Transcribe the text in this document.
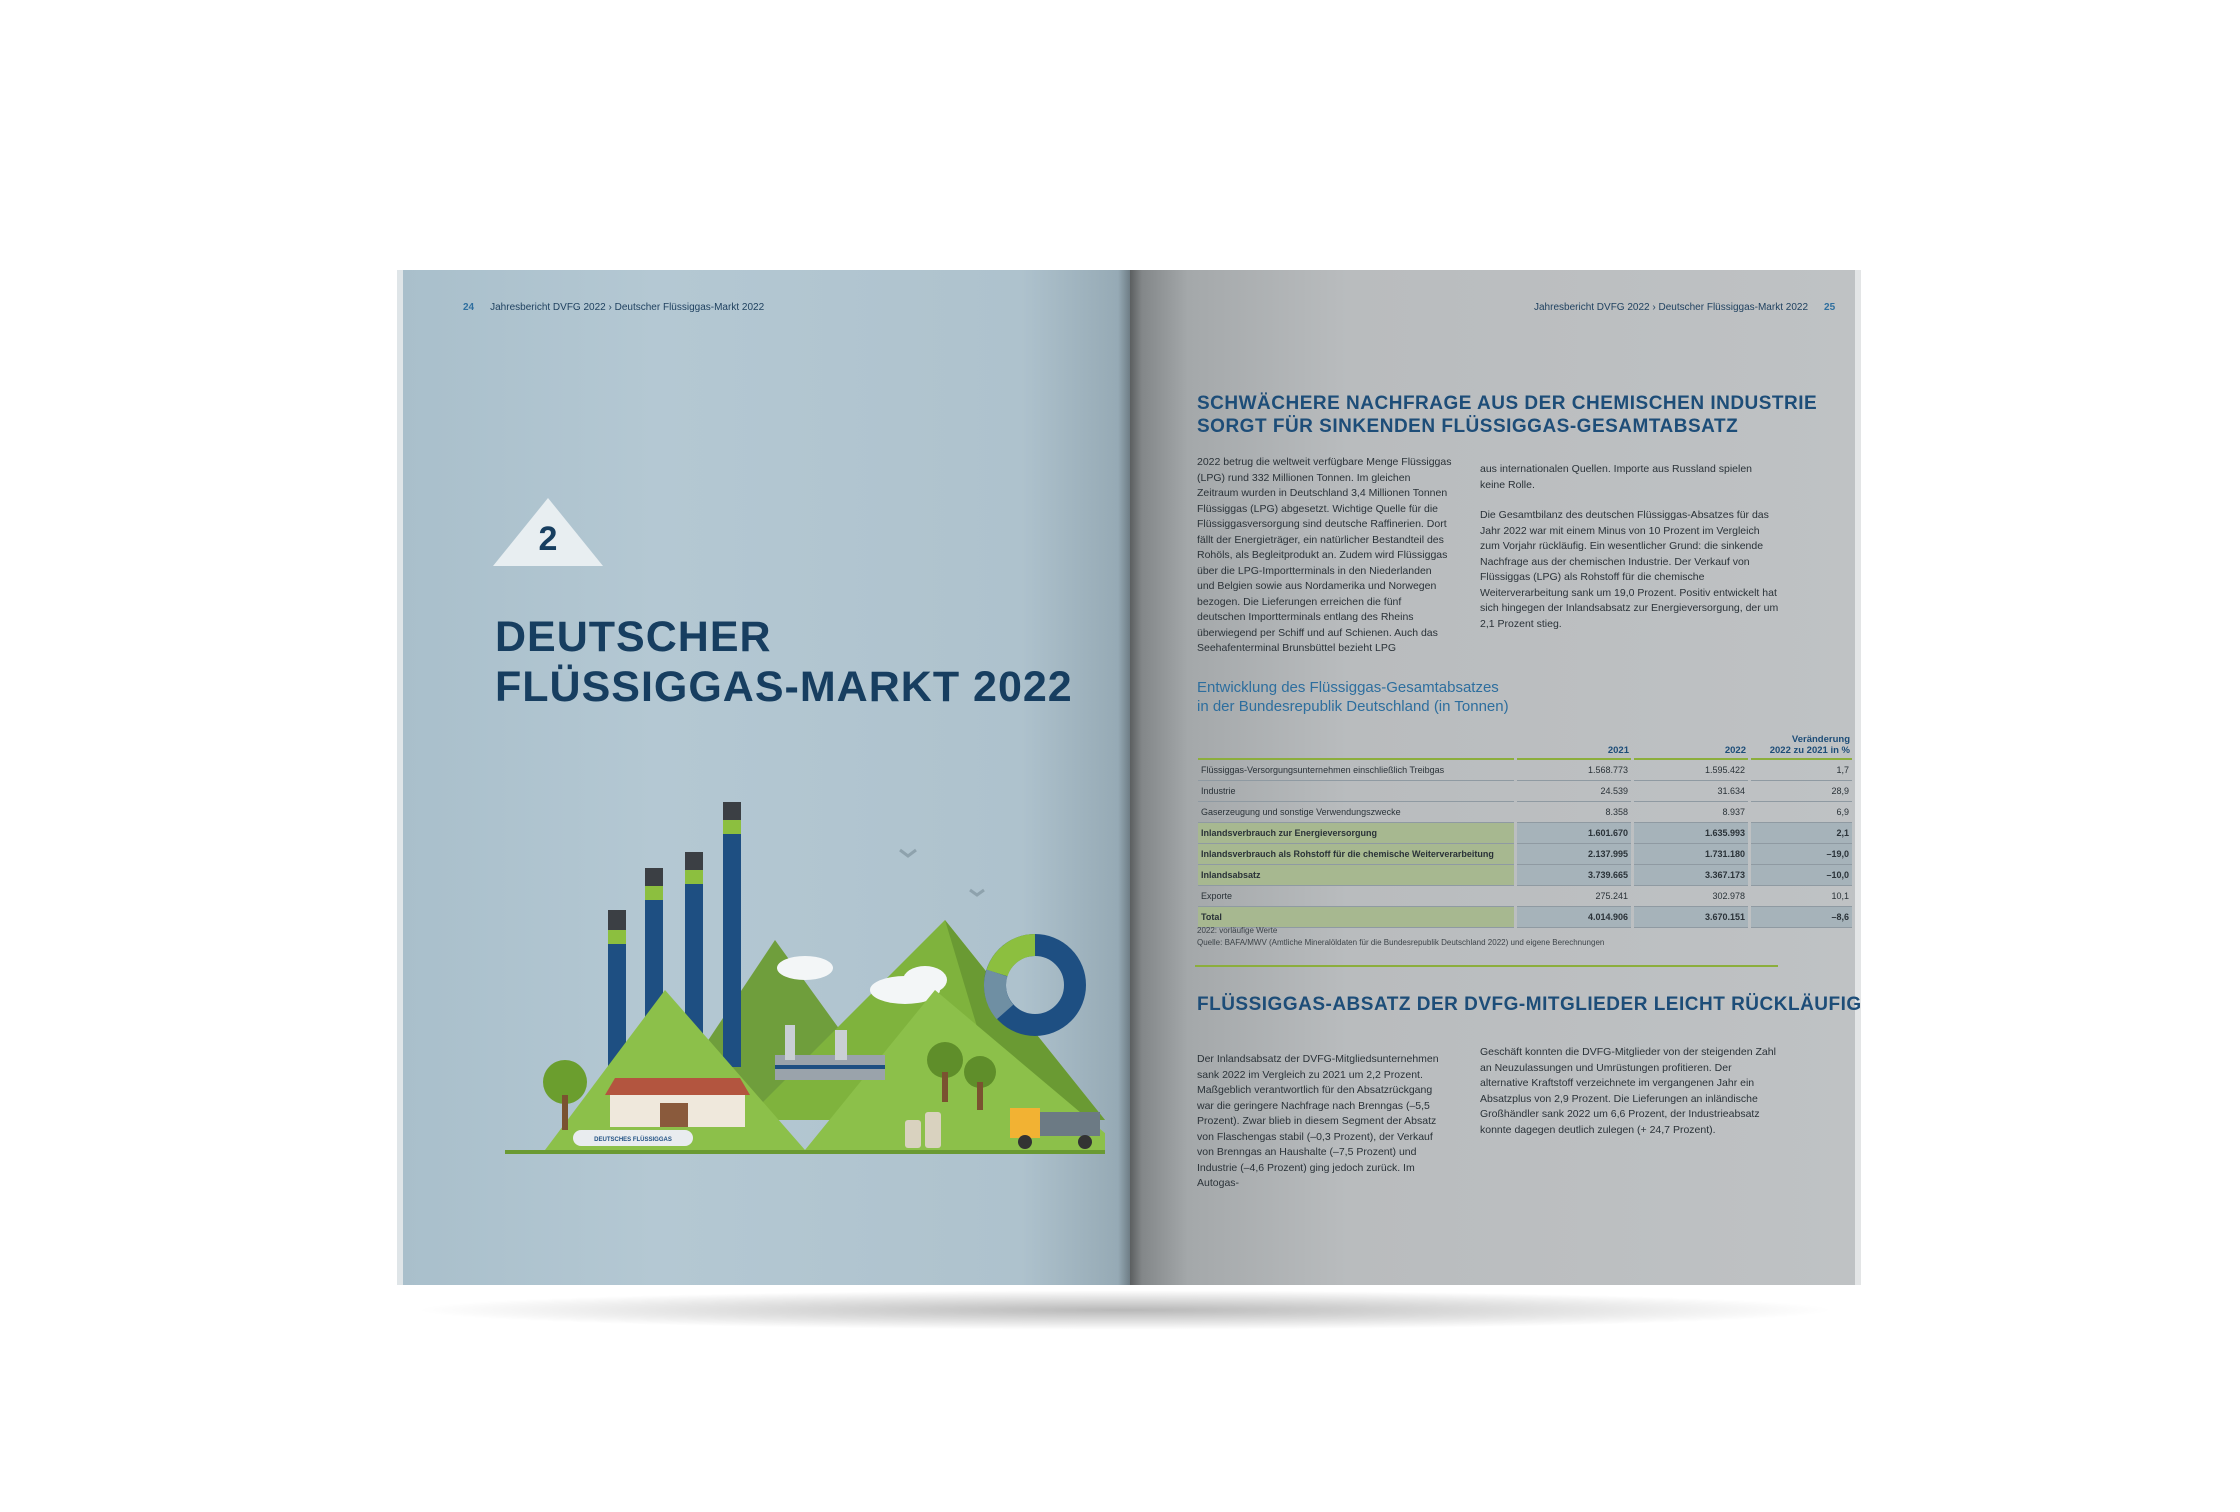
24 Jahresbericht DVFG 2022 › Deutscher Flüssiggas-Markt 2022
2
DEUTSCHER
FLÜSSIGGAS-MARKT 2022
DEUTSCHES FLÜSSIGGAS
Jahresbericht DVFG 2022 › Deutscher Flüssiggas-Markt 2022 25
SCHWÄCHERE NACHFRAGE AUS DER CHEMISCHEN INDUSTRIE
SORGT FÜR SINKENDEN FLÜSSIGGAS-GESAMTABSATZ

2022 betrug die weltweit verfügbare Menge Flüssiggas (LPG) rund 332 Millionen Tonnen. Im gleichen Zeitraum wurden in Deutschland 3,4 Millionen Tonnen Flüssiggas (LPG) abgesetzt. Wichtige Quelle für die Flüssiggasversorgung sind deutsche Raffinerien. Dort fällt der Energieträger, ein natürlicher Bestandteil des Rohöls, als Begleitprodukt an. Zudem wird Flüssiggas über die LPG-Importterminals in den Niederlanden und Belgien sowie aus Nordamerika und Norwegen bezogen. Die Lieferungen erreichen die fünf deutschen Importterminals entlang des Rheins überwiegend per Schiff und auf Schienen. Auch das Seehafenterminal Brunsbüttel bezieht LPG

aus internationalen Quellen. Importe aus Russland spielen keine Rolle.

Die Gesamtbilanz des deutschen Flüssiggas-Absatzes für das Jahr 2022 war mit einem Minus von 10 Prozent im Vergleich zum Vorjahr rückläufig. Ein wesentlicher Grund: die sinkende Nachfrage aus der chemischen Industrie. Der Verkauf von Flüssiggas (LPG) als Rohstoff für die chemische Weiterverarbeitung sank um 19,0 Prozent. Positiv entwickelt hat sich hingegen der Inlandsabsatz zur Energieversorgung, der um 2,1 Prozent stieg.

Entwicklung des Flüssiggas-Gesamtabsatzes
in der Bundesrepublik Deutschland (in Tonnen)
	2021	2022	Veränderung
2022 zu 2021 in %

Flüssiggas-Versorgungsunternehmen einschließlich Treibgas	1.568.773	1.595.422	1,7
Industrie	24.539	31.634	28,9
Gaserzeugung und sonstige Verwendungszwecke	8.358	8.937	6,9
Inlandsverbrauch zur Energieversorgung	1.601.670	1.635.993	2,1
Inlandsverbrauch als Rohstoff für die chemische Weiterverarbeitung	2.137.995	1.731.180	–19,0
Inlandsabsatz	3.739.665	3.367.173	–10,0
Exporte	275.241	302.978	10,1
Total	4.014.906	3.670.151	–8,6
2022: vorläufige Werte
Quelle: BAFA/MWV (Amtliche Mineralöldaten für die Bundesrepublik Deutschland 2022) und eigene Berechnungen
FLÜSSIGGAS-ABSATZ DER DVFG-MITGLIEDER LEICHT RÜCKLÄUFIG

Der Inlandsabsatz der DVFG-Mitgliedsunternehmen sank 2022 im Vergleich zu 2021 um 2,2 Prozent. Maßgeblich verantwortlich für den Absatzrückgang war die geringere Nachfrage nach Brenngas (–5,5 Prozent). Zwar blieb in diesem Segment der Absatz von Flaschengas stabil (–0,3 Prozent), der Verkauf von Brenngas an Haushalte (–7,5 Prozent) und Industrie (–4,6 Prozent) ging jedoch zurück. Im Autogas-

Geschäft konnten die DVFG-Mitglieder von der steigenden Zahl an Neuzulassungen und Umrüstungen profitieren. Der alternative Kraftstoff verzeichnete im vergangenen Jahr ein Absatzplus von 2,9 Prozent. Die Lieferungen an inländische Großhändler sank 2022 um 6,6 Prozent, der Industrieabsatz konnte dagegen deutlich zulegen (+ 24,7 Prozent).
